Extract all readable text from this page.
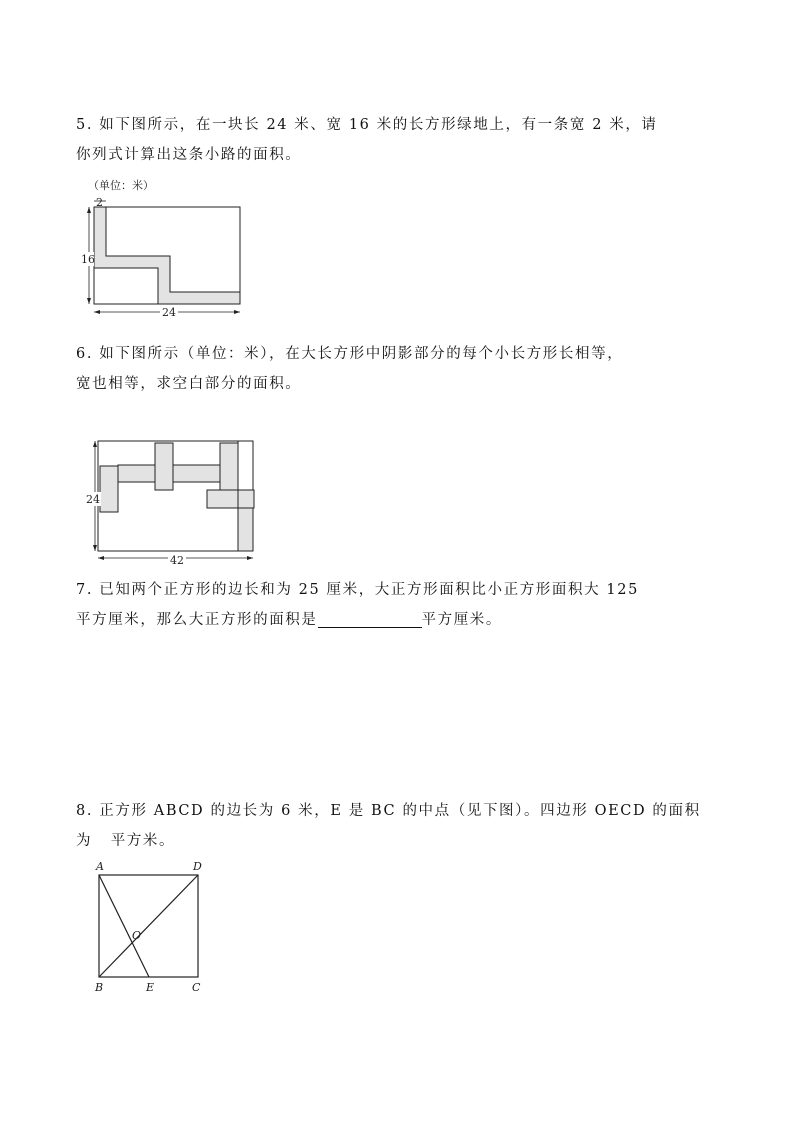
5. 如下图所示，在一块长 24 米、宽 16 米的长方形绿地上，有一条宽 2 米，请

你列式计算出这条小路的面积。

（单位：米）
2
16
24

6. 如下图所示（单位：米），在大长方形中阴影部分的每个小长方形长相等，

宽也相等，求空白部分的面积。

24
42

7. 已知两个正方形的边长和为 25 厘米，大正方形面积比小正方形面积大 125

平方厘米，那么大正方形的面积是	平方厘米。

8. 正方形 ABCD 的边长为 6 米，E 是 BC 的中点（见下图）。四边形 OECD 的面积

为   平方米。

A	D
O
B	E	C
